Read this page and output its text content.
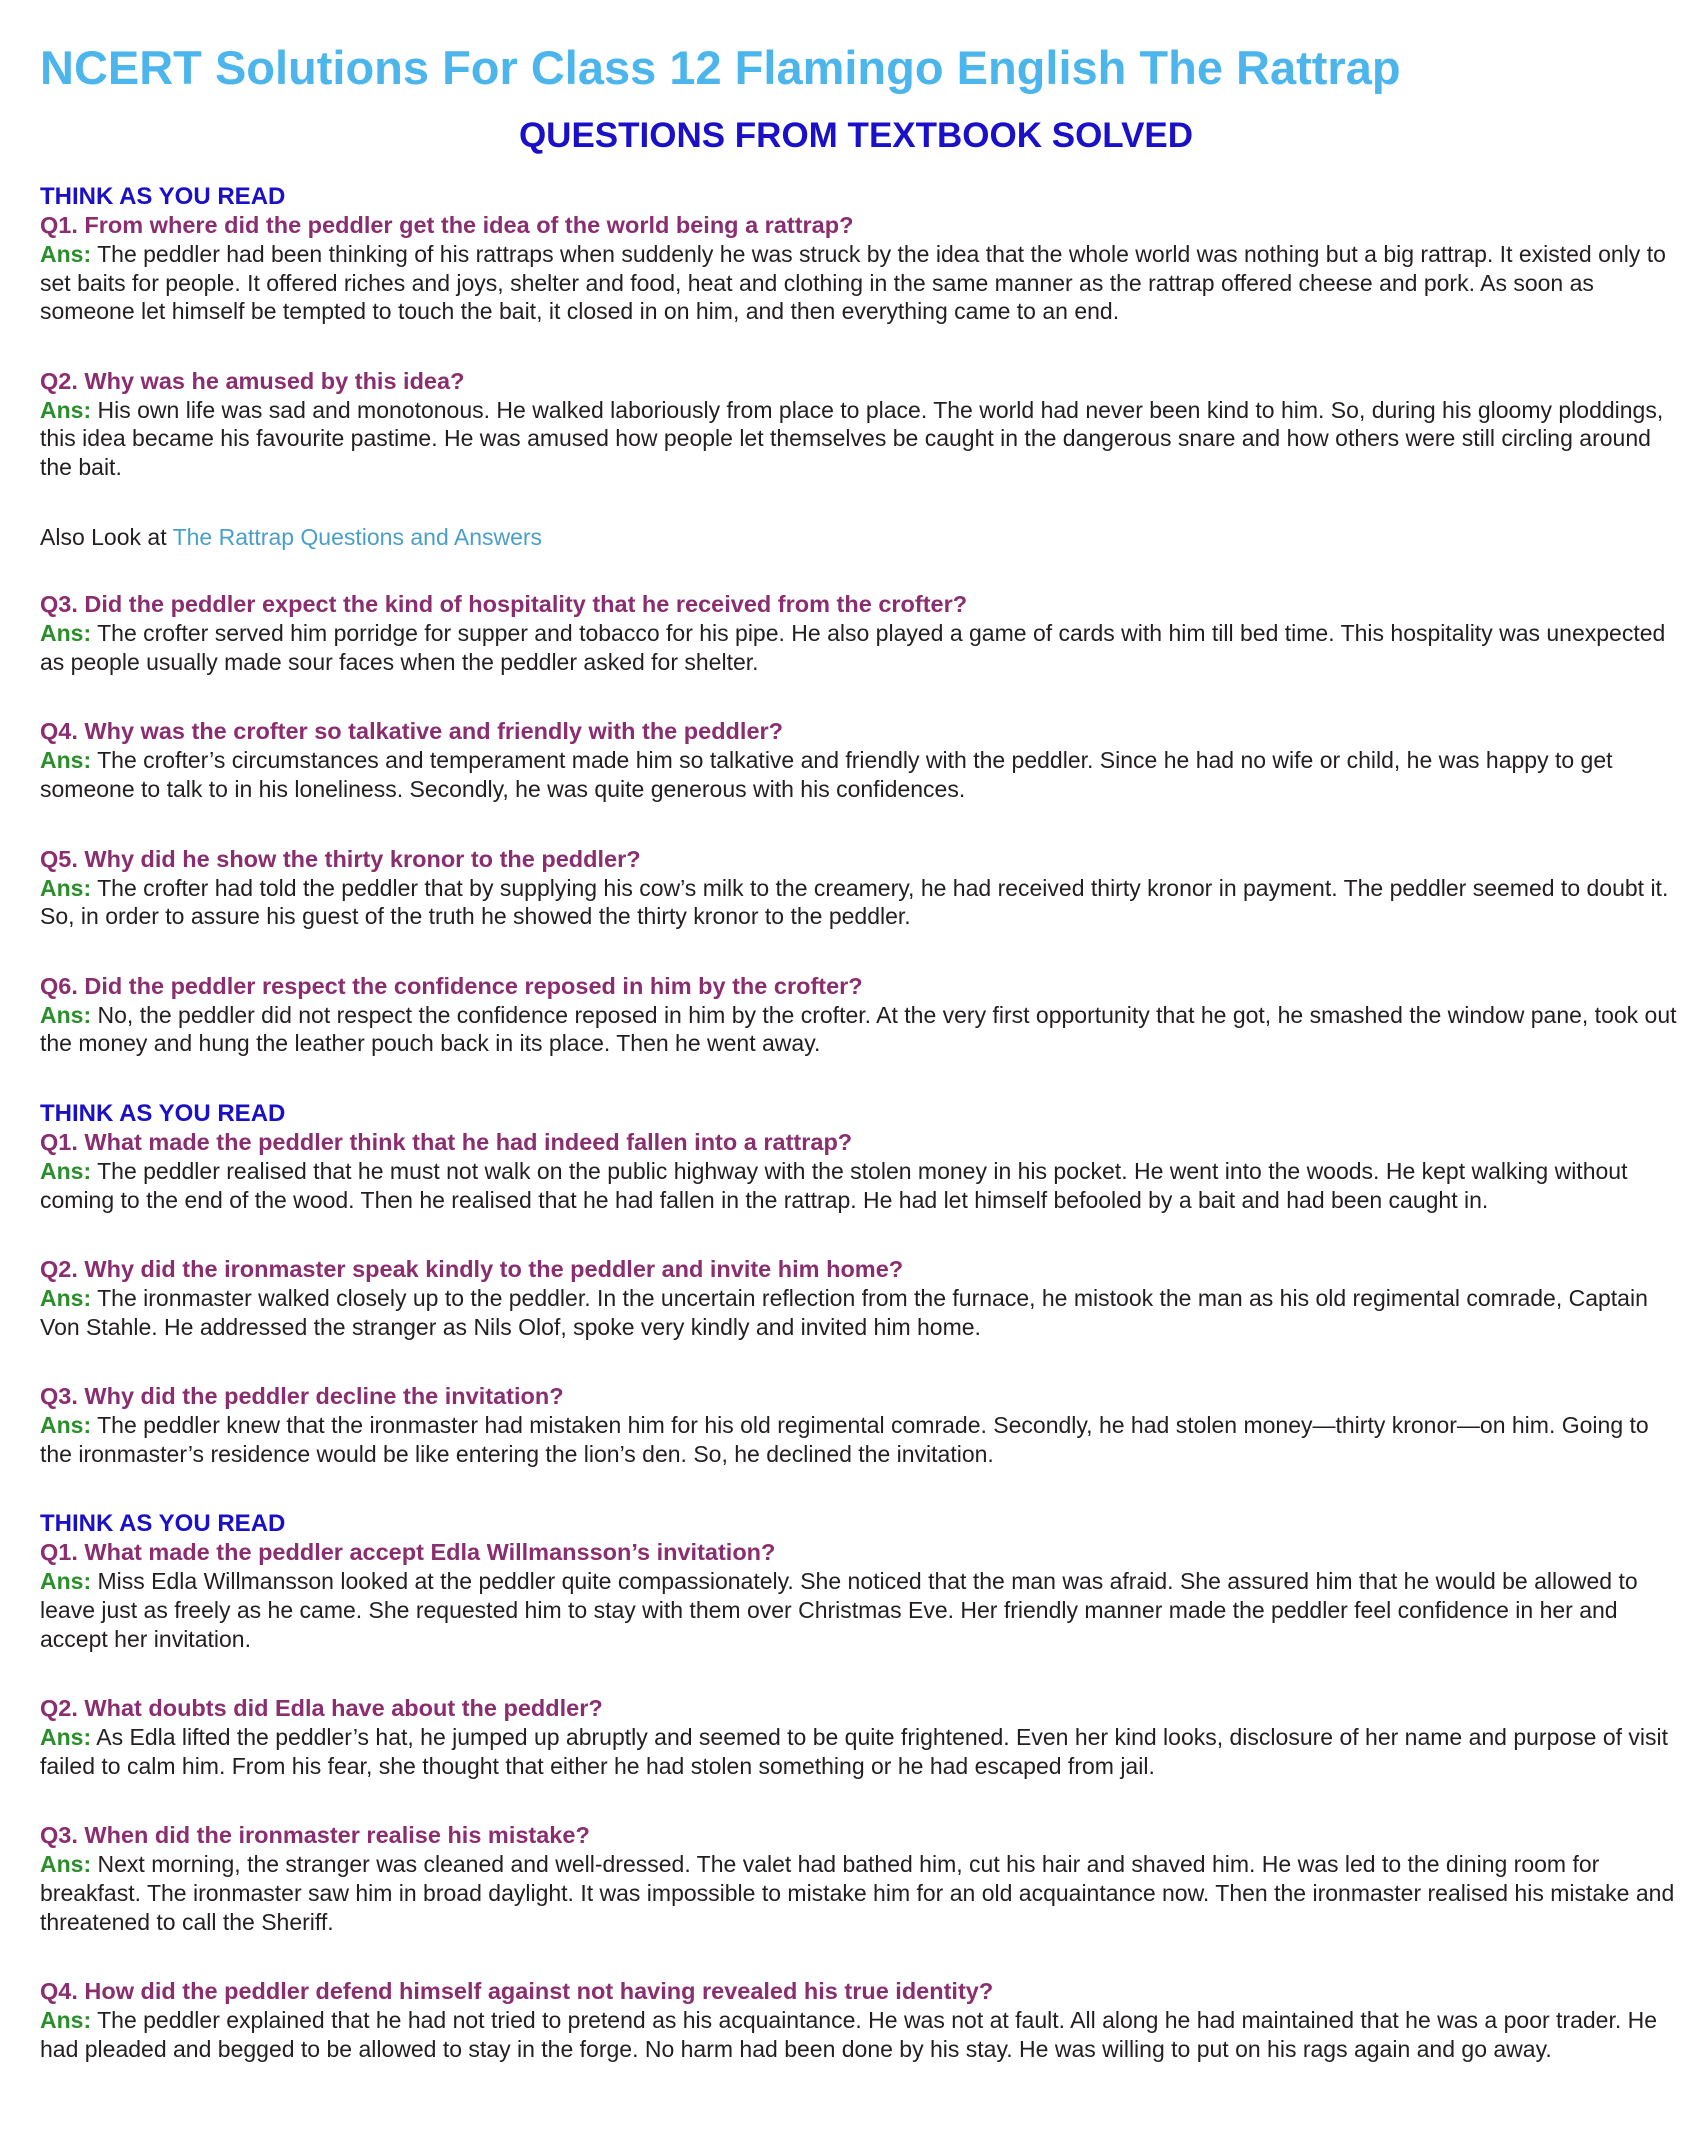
NCERT Solutions For Class 12 Flamingo English The Rattrap
QUESTIONS FROM TEXTBOOK SOLVED

THINK AS YOU READ

Q1. From where did the peddler get the idea of the world being a rattrap?

Ans: The peddler had been thinking of his rattraps when suddenly he was struck by the idea that the whole world was nothing but a big rattrap. It existed only to set baits for people. It offered riches and joys, shelter and food, heat and clothing in the same manner as the rattrap offered cheese and pork. As soon as someone let himself be tempted to touch the bait, it closed in on him, and then everything came to an end.

Q2. Why was he amused by this idea?

Ans: His own life was sad and monotonous. He walked laboriously from place to place. The world had never been kind to him. So, during his gloomy ploddings, this idea became his favourite pastime. He was amused how people let themselves be caught in the dangerous snare and how others were still circling around the bait.

Also Look at The Rattrap Questions and Answers

Q3. Did the peddler expect the kind of hospitality that he received from the crofter?

Ans: The crofter served him porridge for supper and tobacco for his pipe. He also played a game of cards with him till bed time. This hospitality was unexpected as people usually made sour faces when the peddler asked for shelter.

Q4. Why was the crofter so talkative and friendly with the peddler?

Ans: The crofter’s circumstances and temperament made him so talkative and friendly with the peddler. Since he had no wife or child, he was happy to get someone to talk to in his loneliness. Secondly, he was quite generous with his confidences.

Q5. Why did he show the thirty kronor to the peddler?

Ans: The crofter had told the peddler that by supplying his cow’s milk to the creamery, he had received thirty kronor in payment. The peddler seemed to doubt it. So, in order to assure his guest of the truth he showed the thirty kronor to the peddler.

Q6. Did the peddler respect the confidence reposed in him by the crofter?

Ans: No, the peddler did not respect the confidence reposed in him by the crofter. At the very first opportunity that he got, he smashed the window pane, took out the money and hung the leather pouch back in its place. Then he went away.

THINK AS YOU READ

Q1. What made the peddler think that he had indeed fallen into a rattrap?

Ans: The peddler realised that he must not walk on the public highway with the stolen money in his pocket. He went into the woods. He kept walking without coming to the end of the wood. Then he realised that he had fallen in the rattrap. He had let himself befooled by a bait and had been caught in.

Q2. Why did the ironmaster speak kindly to the peddler and invite him home?

Ans: The ironmaster walked closely up to the peddler. In the uncertain reflection from the furnace, he mistook the man as his old regimental comrade, Captain Von Stahle. He addressed the stranger as Nils Olof, spoke very kindly and invited him home.

Q3. Why did the peddler decline the invitation?

Ans: The peddler knew that the ironmaster had mistaken him for his old regimental comrade. Secondly, he had stolen money—thirty kronor—on him. Going to the ironmaster’s residence would be like entering the lion’s den. So, he declined the invitation.

THINK AS YOU READ

Q1. What made the peddler accept Edla Willmansson’s invitation?

Ans: Miss Edla Willmansson looked at the peddler quite compassionately. She noticed that the man was afraid. She assured him that he would be allowed to leave just as freely as he came. She requested him to stay with them over Christmas Eve. Her friendly manner made the peddler feel confidence in her and accept her invitation.

Q2. What doubts did Edla have about the peddler?

Ans: As Edla lifted the peddler’s hat, he jumped up abruptly and seemed to be quite frightened. Even her kind looks, disclosure of her name and purpose of visit failed to calm him. From his fear, she thought that either he had stolen something or he had escaped from jail.

Q3. When did the ironmaster realise his mistake?

Ans: Next morning, the stranger was cleaned and well-dressed. The valet had bathed him, cut his hair and shaved him. He was led to the dining room for breakfast. The ironmaster saw him in broad daylight. It was impossible to mistake him for an old acquaintance now. Then the ironmaster realised his mistake and threatened to call the Sheriff.

Q4. How did the peddler defend himself against not having revealed his true identity?

Ans: The peddler explained that he had not tried to pretend as his acquaintance. He was not at fault. All along he had maintained that he was a poor trader. He had pleaded and begged to be allowed to stay in the forge. No harm had been done by his stay. He was willing to put on his rags again and go away.
